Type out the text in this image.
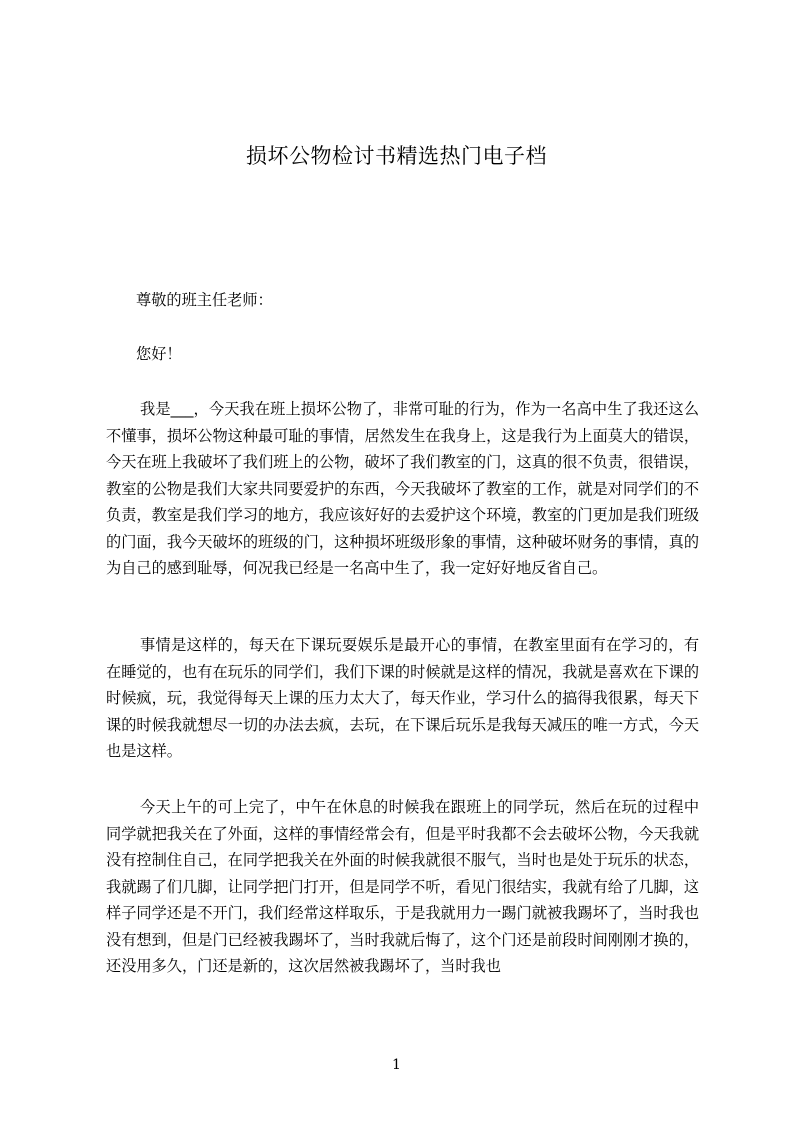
损坏公物检讨书精选热门电子档
尊敬的班主任老师：
您好！

我是___，今天我在班上损坏公物了，非常可耻的行为，作为一名高中生了我还这么不懂事，损坏公物这种最可耻的事情，居然发生在我身上，这是我行为上面莫大的错误，今天在班上我破坏了我们班上的公物，破坏了我们教室的门，这真的很不负责，很错误，教室的公物是我们大家共同要爱护的东西，今天我破坏了教室的工作，就是对同学们的不负责，教室是我们学习的地方，我应该好好的去爱护这个环境，教室的门更加是我们班级的门面，我今天破坏的班级的门，这种损坏班级形象的事情，这种破坏财务的事情，真的为自己的感到耻辱，何况我已经是一名高中生了，我一定好好地反省自己。

事情是这样的，每天在下课玩耍娱乐是最开心的事情，在教室里面有在学习的，有在睡觉的，也有在玩乐的同学们，我们下课的时候就是这样的情况，我就是喜欢在下课的时候疯，玩，我觉得每天上课的压力太大了，每天作业，学习什么的搞得我很累，每天下课的时候我就想尽一切的办法去疯，去玩，在下课后玩乐是我每天减压的唯一方式，今天也是这样。

今天上午的可上完了，中午在休息的时候我在跟班上的同学玩，然后在玩的过程中同学就把我关在了外面，这样的事情经常会有，但是平时我都不会去破坏公物，今天我就没有控制住自己，在同学把我关在外面的时候我就很不服气，当时也是处于玩乐的状态，我就踢了们几脚，让同学把门打开，但是同学不听，看见门很结实，我就有给了几脚，这样子同学还是不开门，我们经常这样取乐，于是我就用力一踢门就被我踢坏了，当时我也没有想到，但是门已经被我踢坏了，当时我就后悔了，这个门还是前段时间刚刚才换的，还没用多久，门还是新的，这次居然被我踢坏了，当时我也

1
